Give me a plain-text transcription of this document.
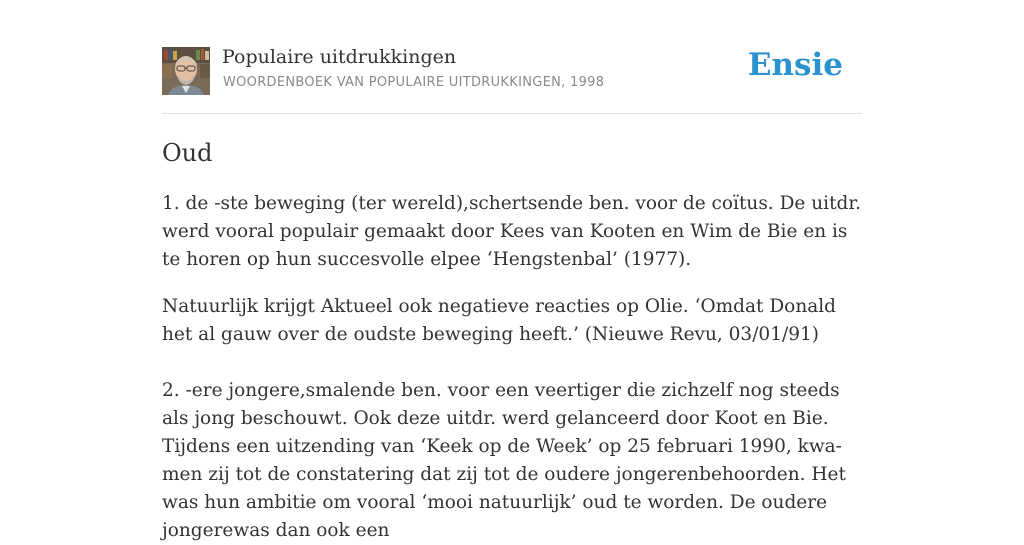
Populaire uitdrukkingen
WOORDENBOEK VAN POPULAIRE UITDRUKKINGEN, 1998	Ensie
Oud

1. de -ste beweging (ter wereld),schertsende ben. voor de coïtus. De uitdr. werd vooral populair gemaakt door Kees van Kooten en Wim de Bie en is te horen op hun succesvolle elpee ‘Hengstenbal’ (1977).

Natuurlijk krijgt Aktueel ook negatieve reacties op Olie. ‘Omdat Donald het al gauw over de oudste beweging heeft.’ (Nieuwe Revu, 03/01/91)

2. -ere jongere,smalende ben. voor een veertiger die zichzelf nog steeds als jong beschouwt. Ook deze uitdr. werd gelanceerd door Koot en Bie. Tijdens een uitzending van ‘Keek op de Week’ op 25 februari 1990, kwa-men zij tot de constatering dat zij tot de oudere jongerenbehoorden. Het was hun ambitie om vooral ‘mooi natuurlijk’ oud te worden. De oudere jongerewas dan ook een
